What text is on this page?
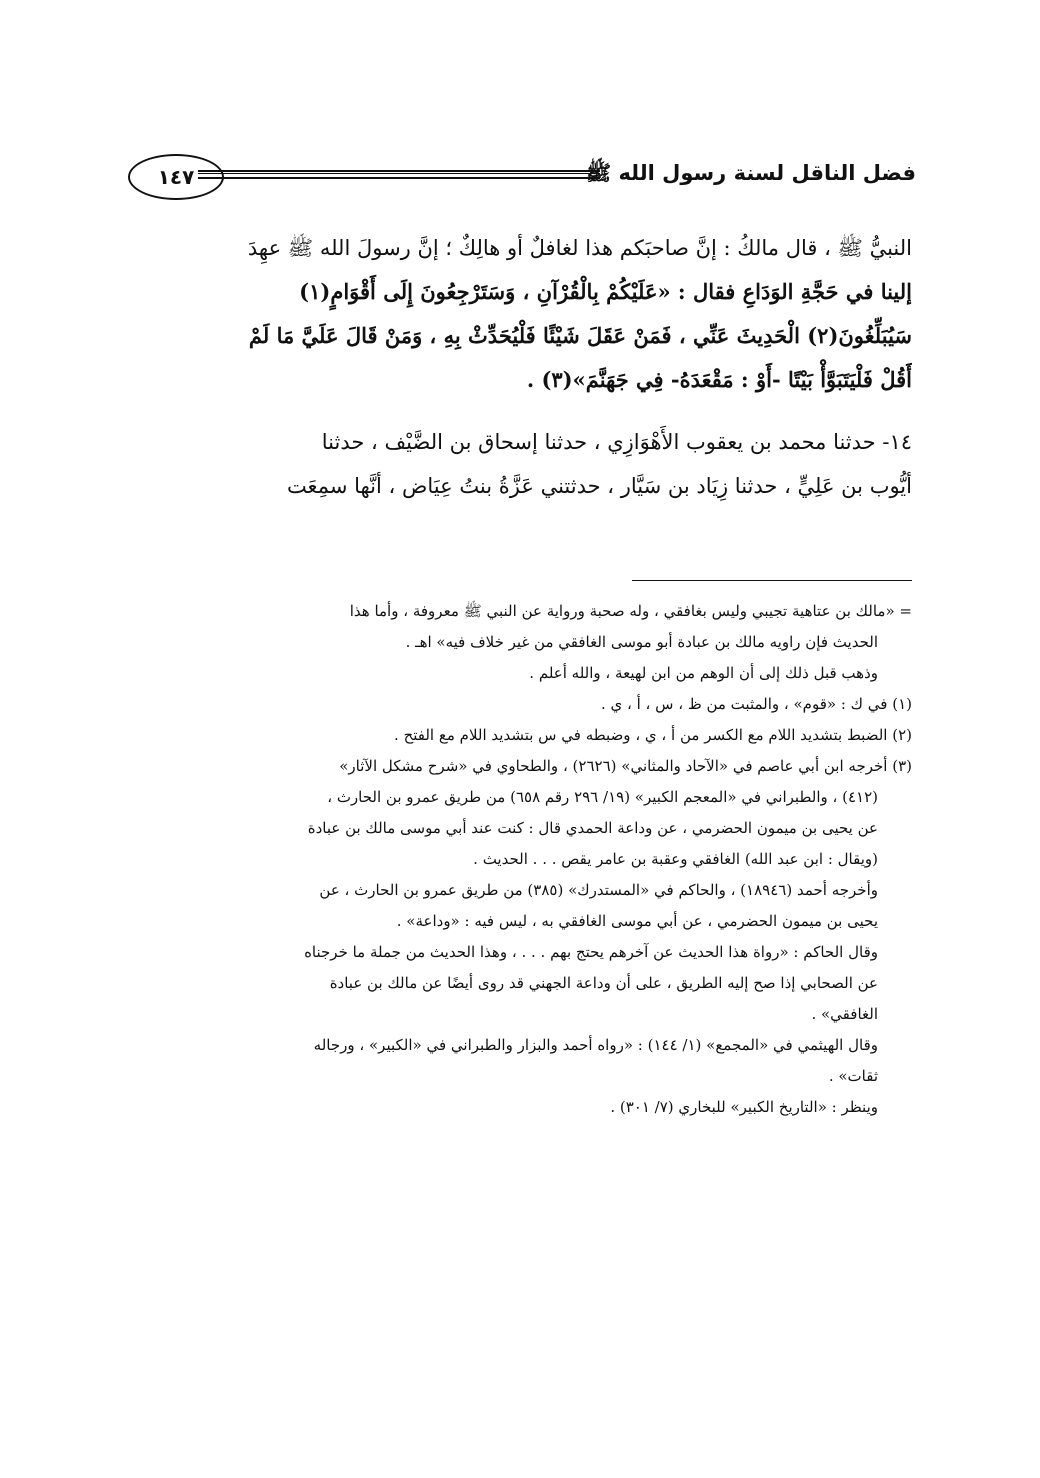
١٤٧	فضل الناقل لسنة رسول الله ﷺ
النبيُّ ﷺ ، قال مالكُ : إنَّ صاحبَكم هذا لغافلٌ أو هالِكٌ ؛ إنَّ رسولَ الله ﷺ عهِدَ
إلينا في حَجَّةِ الوَدَاعِ فقال : «عَلَيْكُمْ بِالْقُرْآنِ ، وَسَتَرْجِعُونَ إِلَى أَقْوَامٍ(١)
سَيُبَلِّغُونَ(٢) الْحَدِيثَ عَنِّي ، فَمَنْ عَقَلَ شَيْئًا فَلْيُحَدِّثْ بِهِ ، وَمَنْ قَالَ عَلَيَّ مَا لَمْ
أَقُلْ فَلْيَتَبَوَّأْ بَيْتًا -أَوْ : مَقْعَدَهُ- فِي جَهَنَّمَ»(٣) .
١٤- حدثنا محمد بن يعقوب الأَهْوَازِي ، حدثنا إسحاق بن الضَّيْف ، حدثنا
أيُّوب بن عَلِيٍّ ، حدثنا زِيَاد بن سَيَّار ، حدثتني عَزَّةُ بنتُ عِيَاض ، أنَّها سمِعَت
= «مالك بن عتاهية تجيبي وليس بغافقي ، وله صحبة ورواية عن النبي ﷺ معروفة ، وأما هذا
الحديث فإن راويه مالك بن عبادة أبو موسى الغافقي من غير خلاف فيه» اهـ .
وذهب قبل ذلك إلى أن الوهم من ابن لهيعة ، والله أعلم .
(١) في ك : «قوم» ، والمثبت من ظ ، س ، أ ، ي .
(٢) الضبط بتشديد اللام مع الكسر من أ ، ي ، وضبطه في س بتشديد اللام مع الفتح .
(٣) أخرجه ابن أبي عاصم في «الآحاد والمثاني» (٢٦٢٦) ، والطحاوي في «شرح مشكل الآثار»
(٤١٢) ، والطبراني في «المعجم الكبير» (١٩/ ٢٩٦ رقم ٦٥٨) من طريق عمرو بن الحارث ،
عن يحيى بن ميمون الحضرمي ، عن وداعة الحمدي قال : كنت عند أبي موسى مالك بن عبادة
(ويقال : ابن عبد الله) الغافقي وعقبة بن عامر يقص . . . الحديث .
وأخرجه أحمد (١٨٩٤٦) ، والحاكم في «المستدرك» (٣٨٥) من طريق عمرو بن الحارث ، عن
يحيى بن ميمون الحضرمي ، عن أبي موسى الغافقي به ، ليس فيه : «وداعة» .
وقال الحاكم : «رواة هذا الحديث عن آخرهم يحتج بهم . . . ، وهذا الحديث من جملة ما خرجناه
عن الصحابي إذا صح إليه الطريق ، على أن وداعة الجهني قد روى أيضًا عن مالك بن عبادة
الغافقي» .
وقال الهيثمي في «المجمع» (١/ ١٤٤) : «رواه أحمد والبزار والطبراني في «الكبير» ، ورجاله
ثقات» .
وينظر : «التاريخ الكبير» للبخاري (٧/ ٣٠١) .
